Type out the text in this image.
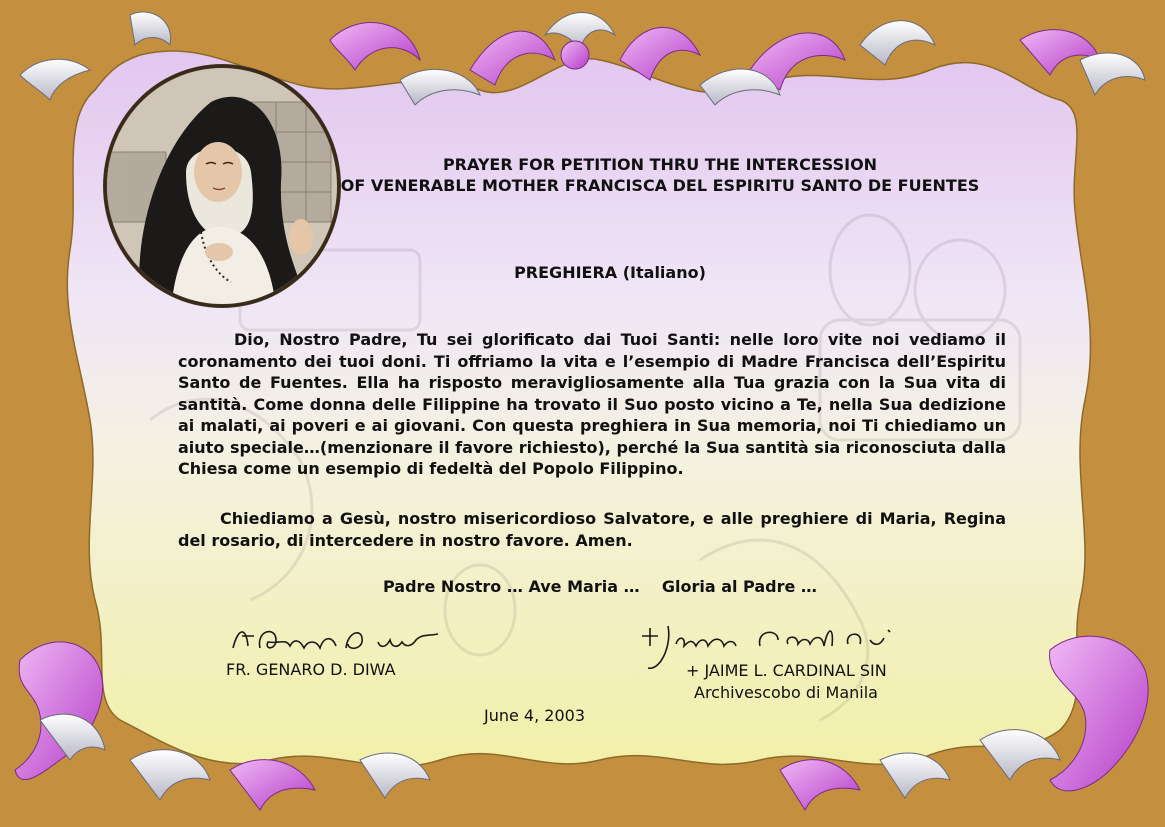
PRAYER FOR PETITION THRU THE INTERCESSION
OF VENERABLE MOTHER FRANCISCA DEL ESPIRITU SANTO DE FUENTES
PREGHIERA (Italiano)
Dio, Nostro Padre, Tu sei glorificato dai Tuoi Santi: nelle loro vite noi vediamo il coronamento dei tuoi doni. Ti offriamo la vita e l’esempio di Madre Francisca dell’Espiritu Santo de Fuentes. Ella ha risposto meravigliosamente alla Tua grazia con la Sua vita di santità. Come donna delle Filippine ha trovato il Suo posto vicino a Te, nella Sua dedizione ai malati, ai poveri e ai giovani. Con questa preghiera in Sua memoria, noi Ti chiediamo un aiuto speciale…(menzionare il favore richiesto), perché la Sua santità sia riconosciuta dalla Chiesa come un esempio di fedeltà del Popolo Filippino.
Chiediamo a Gesù, nostro misericordioso Salvatore, e alle preghiere di Maria, Regina del rosario, di intercedere in nostro favore. Amen.
Padre Nostro … Ave Maria …    Gloria al Padre …
FR. GENARO D. DIWA	+ JAIME L. CARDINAL SIN
Archivescobo di Manila
June 4, 2003
